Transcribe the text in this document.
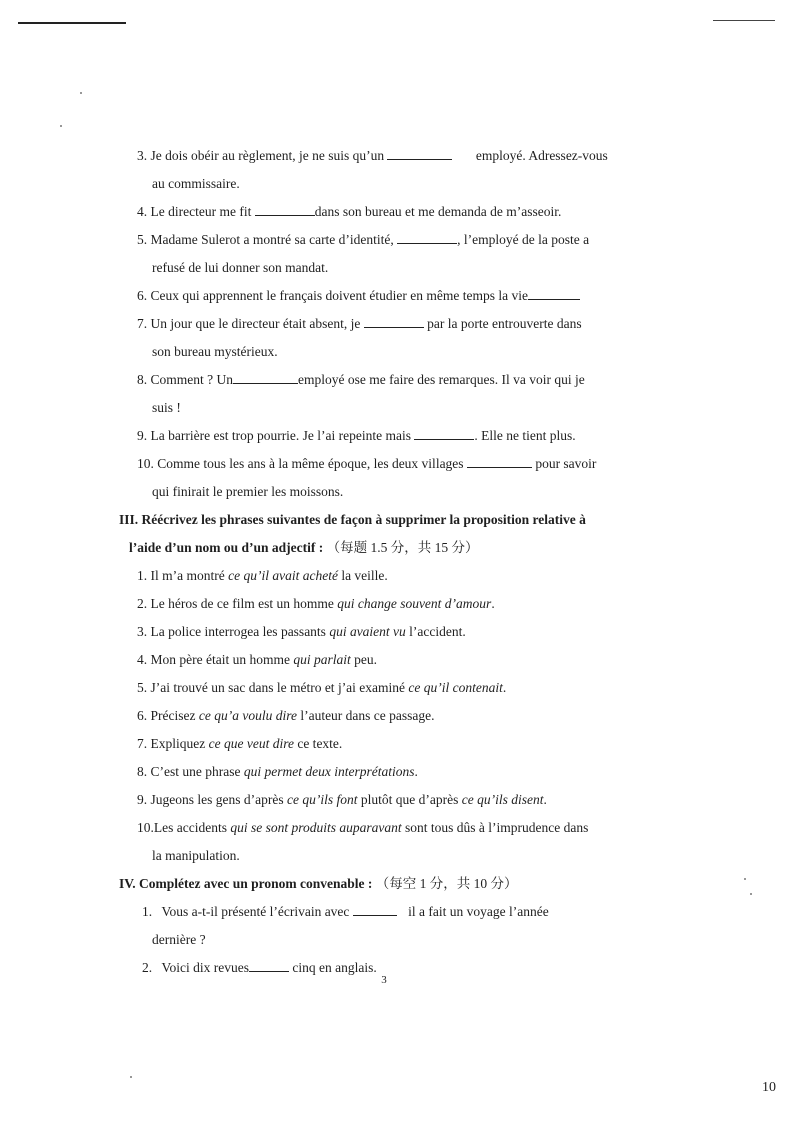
3. Je dois obéir au règlement, je ne suis qu’un	employé. Adressez-vous
au commissaire.
4. Le directeur me fit	dans son bureau et me demanda de m’asseoir.
5. Madame Sulerot a montré sa carte d’identité,	, l’employé de la poste a
refusé de lui donner son mandat.
6. Ceux qui apprennent le français doivent étudier en même temps la vie
7. Un jour que le directeur était absent, je	par la porte entrouverte dans
son bureau mystérieux.
8. Comment ? Un	employé ose me faire des remarques. Il va voir qui je
suis !
9. La barrière est trop pourrie. Je l’ai repeinte mais	. Elle ne tient plus.
10. Comme tous les ans à la même époque, les deux villages	pour savoir
qui finirait le premier les moissons.
III. Réécrivez les phrases suivantes de façon à supprimer la proposition relative à
l’aide d’un nom ou d’un adjectif : （每题 1.5 分，共 15 分）
1. Il m’a montré ce qu’il avait acheté la veille.
2. Le héros de ce film est un homme qui change souvent d’amour.
3. La police interrogea les passants qui avaient vu l’accident.
4. Mon père était un homme qui parlait peu.
5. J’ai trouvé un sac dans le métro et j’ai examiné ce qu’il contenait.
6. Précisez ce qu’a voulu dire l’auteur dans ce passage.
7. Expliquez ce que veut dire ce texte.
8. C’est une phrase qui permet deux interprétations.
9. Jugeons les gens d’après ce qu’ils font plutôt que d’après ce qu’ils disent.
10.Les accidents qui se sont produits auparavant sont tous dûs à l’imprudence dans
la manipulation.
IV. Complétez avec un pronom convenable : （每空 1 分，共 10 分）
1. Vous a-t-il présenté l’écrivain avec	il a fait un voyage l’année
dernière ?
2. Voici dix revues	cinq en anglais.
3
10
